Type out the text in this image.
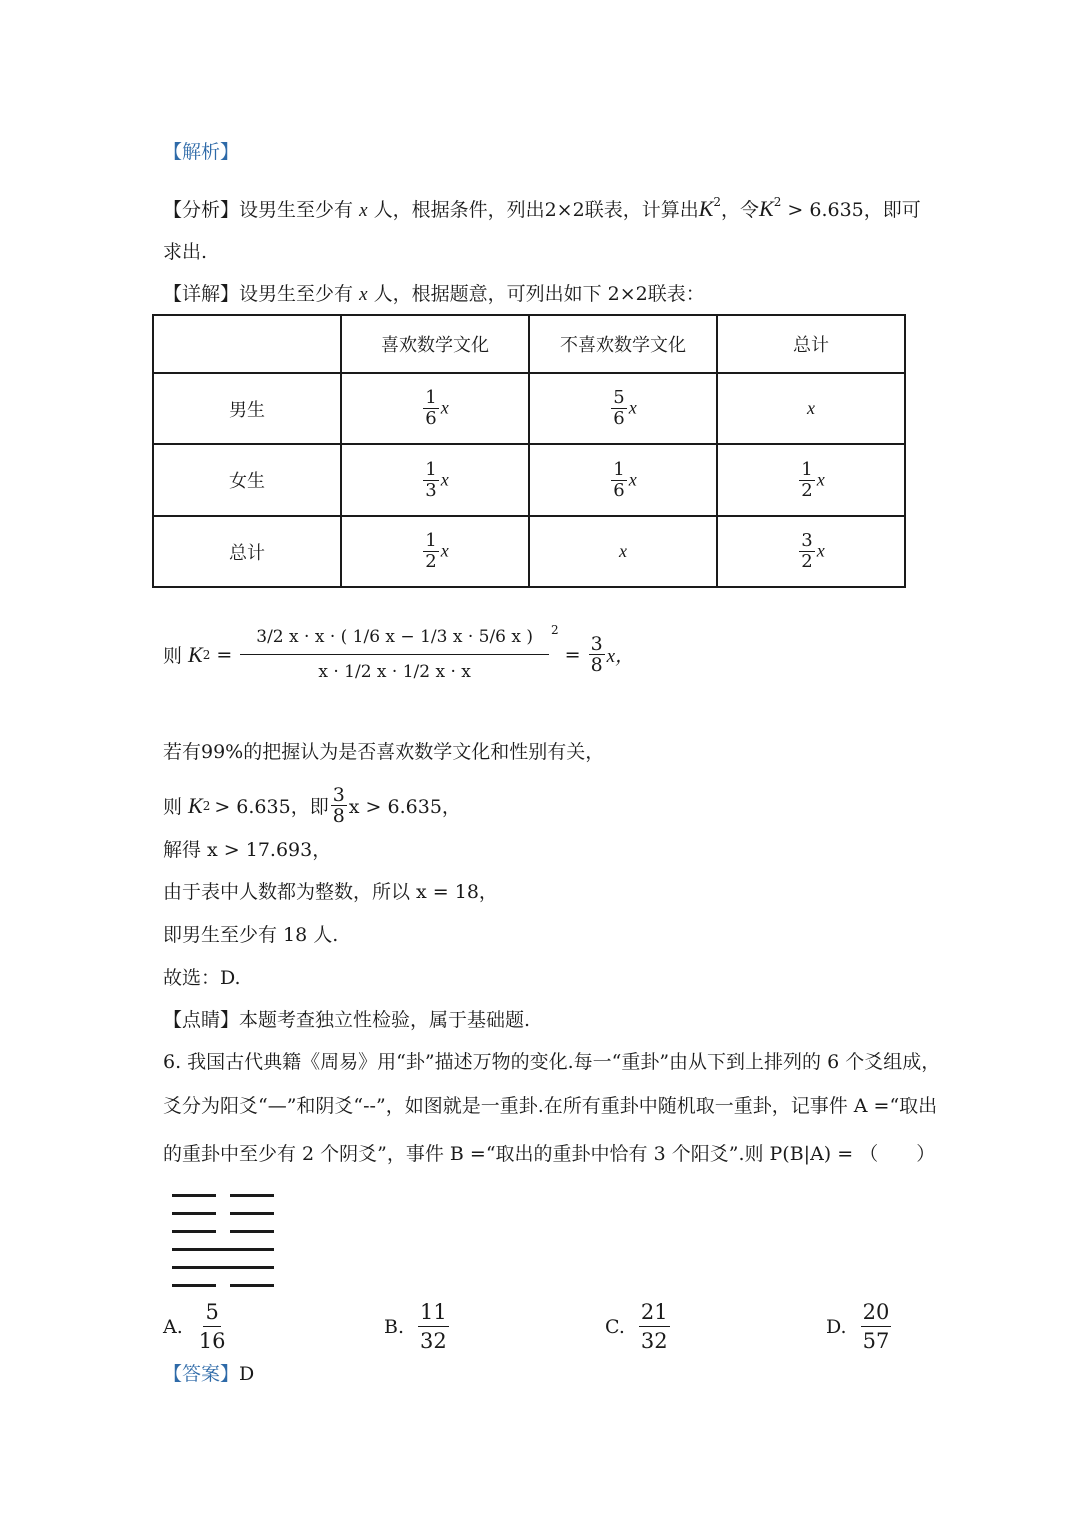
【解析】
【分析】设男生至少有 x 人，根据条件，列出2×2联表，计算出$K^2$，令$K^2 > 6.635$，即可
求出.
【详解】设男生至少有 x 人，根据题意，可列出如下 2×2联表：
	喜欢数学文化	不喜欢数学文化	总计
男生	$\frac{1}{6}$ x	$\frac{5}{6}$ x	x
女生	$\frac{1}{3}$ x	$\frac{1}{6}$ x	$\frac{1}{2}$ x
总计	$\frac{1}{2}$ x	x	$\frac{3}{2}$ x
则 K $2 = \frac{3/2 x \cdot x \cdot ( 1/6 x - 1/3 x \cdot 5/6 x )}{x \cdot 1/2 x \cdot 1/2 x \cdot x}^2$
= $\frac{3}{8}$ x，
若有99%的把握认为是否喜欢数学文化和性别有关，
则 K 2 > 6.635，即 $\frac{3}{8}$ x > 6.635，
解得 x > 17.693，
由于表中人数都为整数，所以 x = 18，
即男生至少有 18 人.
故选：D.
【点睛】本题考查独立性检验，属于基础题.
6. 我国古代典籍《周易》用“卦”描述万物的变化.每一“重卦”由从下到上排列的 6 个爻组成，
爻分为阳爻“—”和阴爻“--”，如图就是一重卦.在所有重卦中随机取一重卦，记事件 A =“取出
的重卦中至少有 2 个阴爻”，事件 B =“取出的重卦中恰有 3 个阳爻”.则 P(B|A) = （　　）
A. $\frac{5}{16}$	B. $\frac{11}{32}$	C. $\frac{21}{32}$	D. $\frac{20}{57}$
【答案】D
